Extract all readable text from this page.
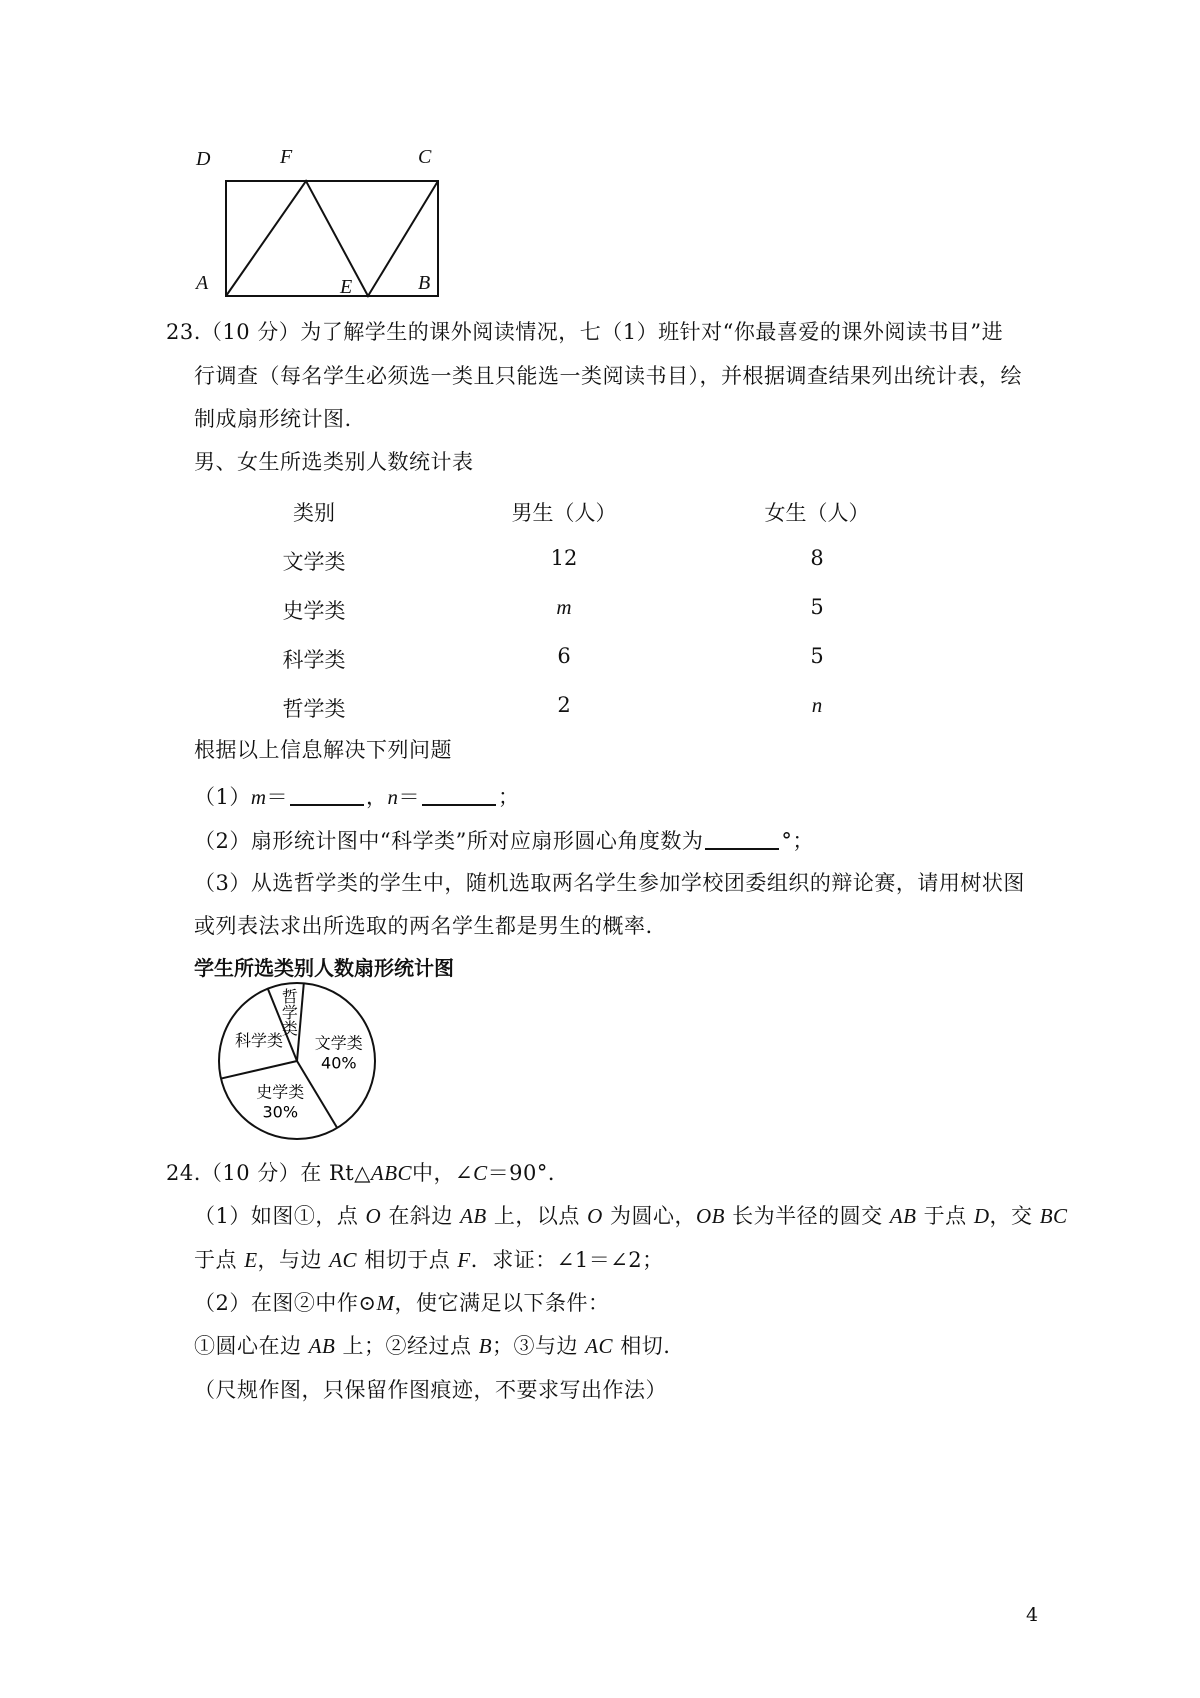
D	F	C
A	E	B
23.（10 分）为了解学生的课外阅读情况，七（1）班针对“你最喜爱的课外阅读书目”进
行调查（每名学生必须选一类且只能选一类阅读书目），并根据调查结果列出统计表，绘
制成扇形统计图.
男、女生所选类别人数统计表
类别	男生（人）	女生（人）
文学类	12	8
史学类	m	5
科学类	6	5
哲学类	2	n
根据以上信息解决下列问题
（1）m＝	，n＝	；
（2）扇形统计图中“科学类”所对应扇形圆心角度数为	°；
（3）从选哲学类的学生中，随机选取两名学生参加学校团委组织的辩论赛，请用树状图
或列表法求出所选取的两名学生都是男生的概率.
学生所选类别人数扇形统计图
文学类
40%
史学类
30%
科学类
哲
学
类
24.（10 分）在 Rt△ABC中，∠C＝90°．
（1）如图①，点 O 在斜边 AB 上，以点 O 为圆心，OB 长为半径的圆交 AB 于点 D，交 BC
于点 E，与边 AC 相切于点 F．求证：∠1＝∠2；
（2）在图②中作⊙M，使它满足以下条件：
①圆心在边 AB 上；②经过点 B；③与边 AC 相切.
（尺规作图，只保留作图痕迹，不要求写出作法）
4
